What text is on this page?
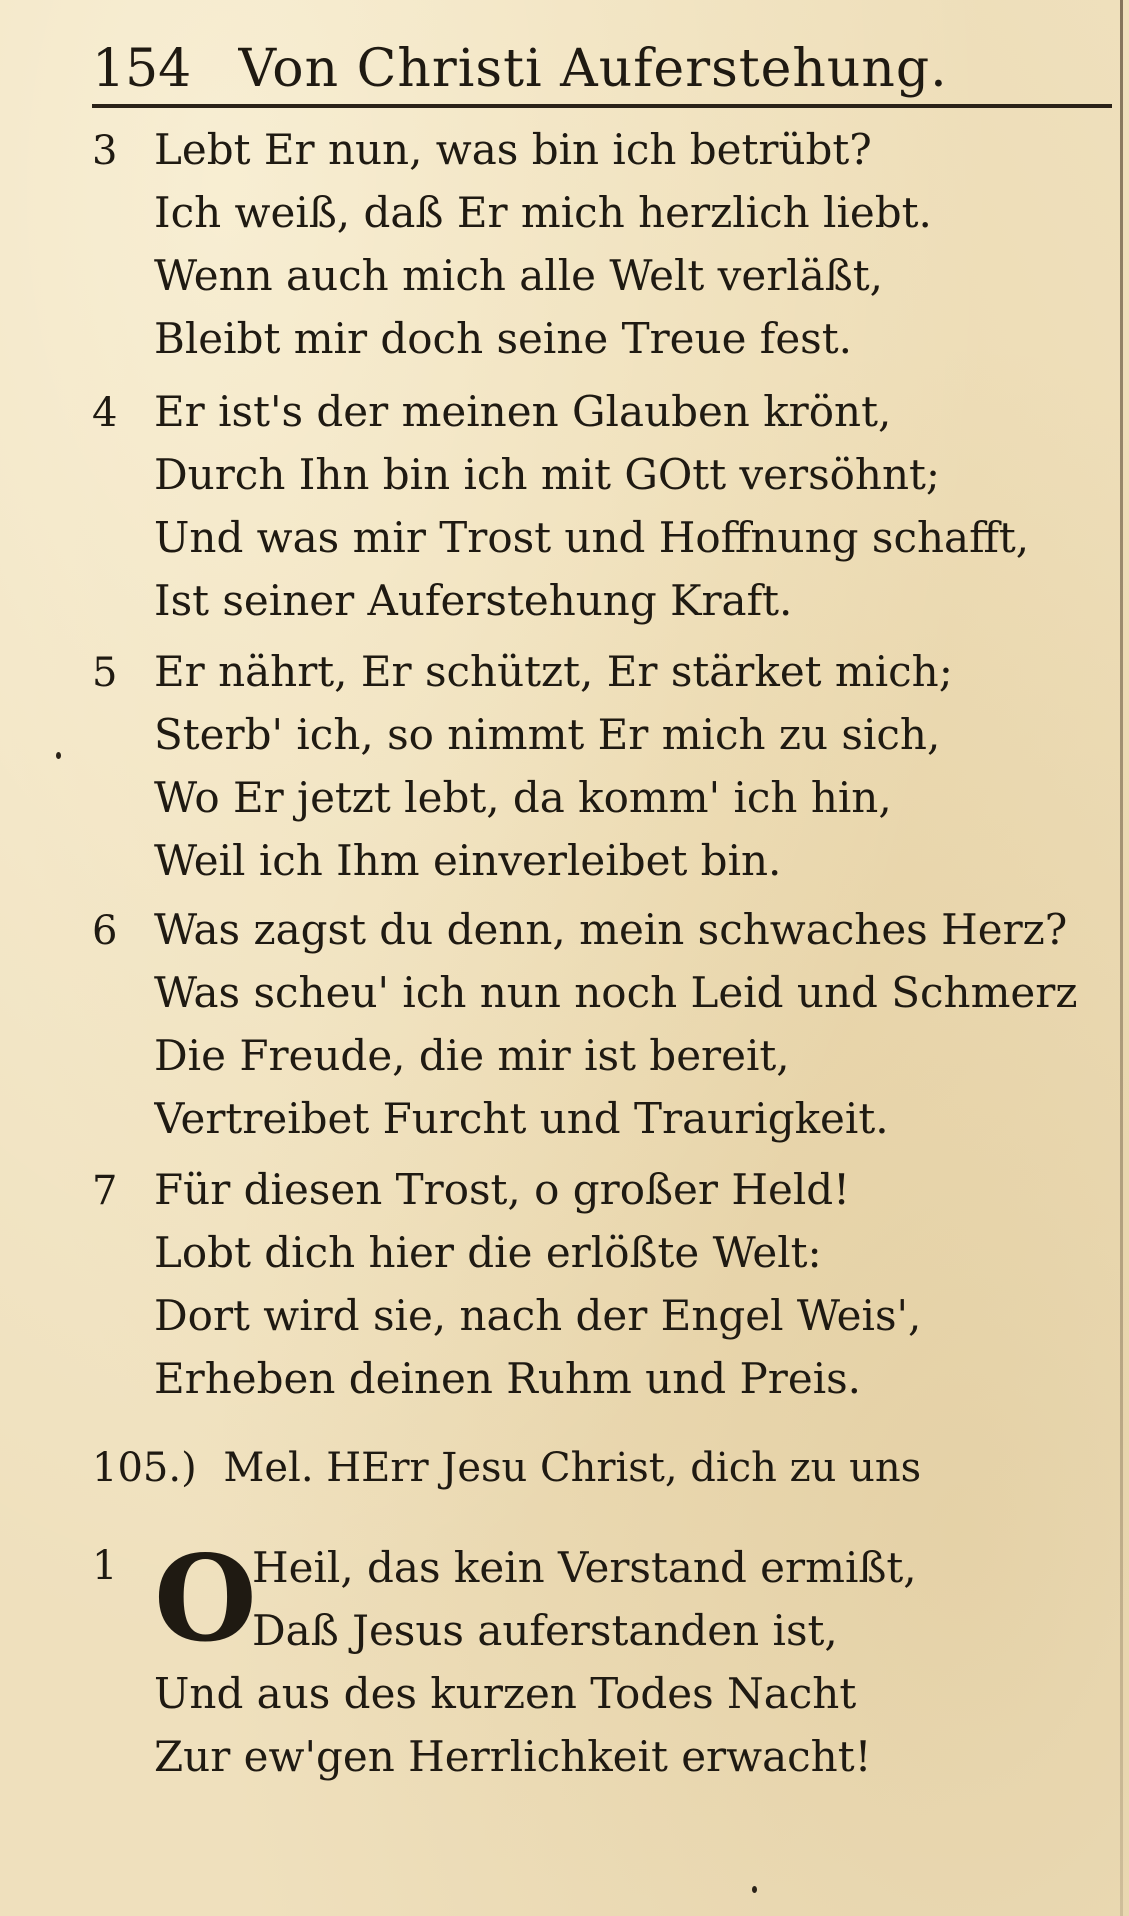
154 Von Christi Auferstehung.
3 Lebt Er nun, was bin ich betrübt?
Ich weiß, daß Er mich herzlich liebt.
Wenn auch mich alle Welt verläßt,
Bleibt mir doch seine Treue fest.
4 Er ist's der meinen Glauben krönt,
Durch Ihn bin ich mit GOtt versöhnt;
Und was mir Trost und Hoffnung schafft,
Ist seiner Auferstehung Kraft.
5 Er nährt, Er schützt, Er stärket mich;
Sterb' ich, so nimmt Er mich zu sich,
Wo Er jetzt lebt, da komm' ich hin,
Weil ich Ihm einverleibet bin.
6 Was zagst du denn, mein schwaches Herz?
Was scheu' ich nun noch Leid und Schmerz
Die Freude, die mir ist bereit,
Vertreibet Furcht und Traurigkeit.
7 Für diesen Trost, o großer Held!
Lobt dich hier die erlößte Welt:
Dort wird sie, nach der Engel Weis',
Erheben deinen Ruhm und Preis.
105.) Mel. HErr Jesu Christ, dich zu uns
1 O
Heil, das kein Verstand ermißt,
Daß Jesus auferstanden ist,
Und aus des kurzen Todes Nacht
Zur ew'gen Herrlichkeit erwacht!
